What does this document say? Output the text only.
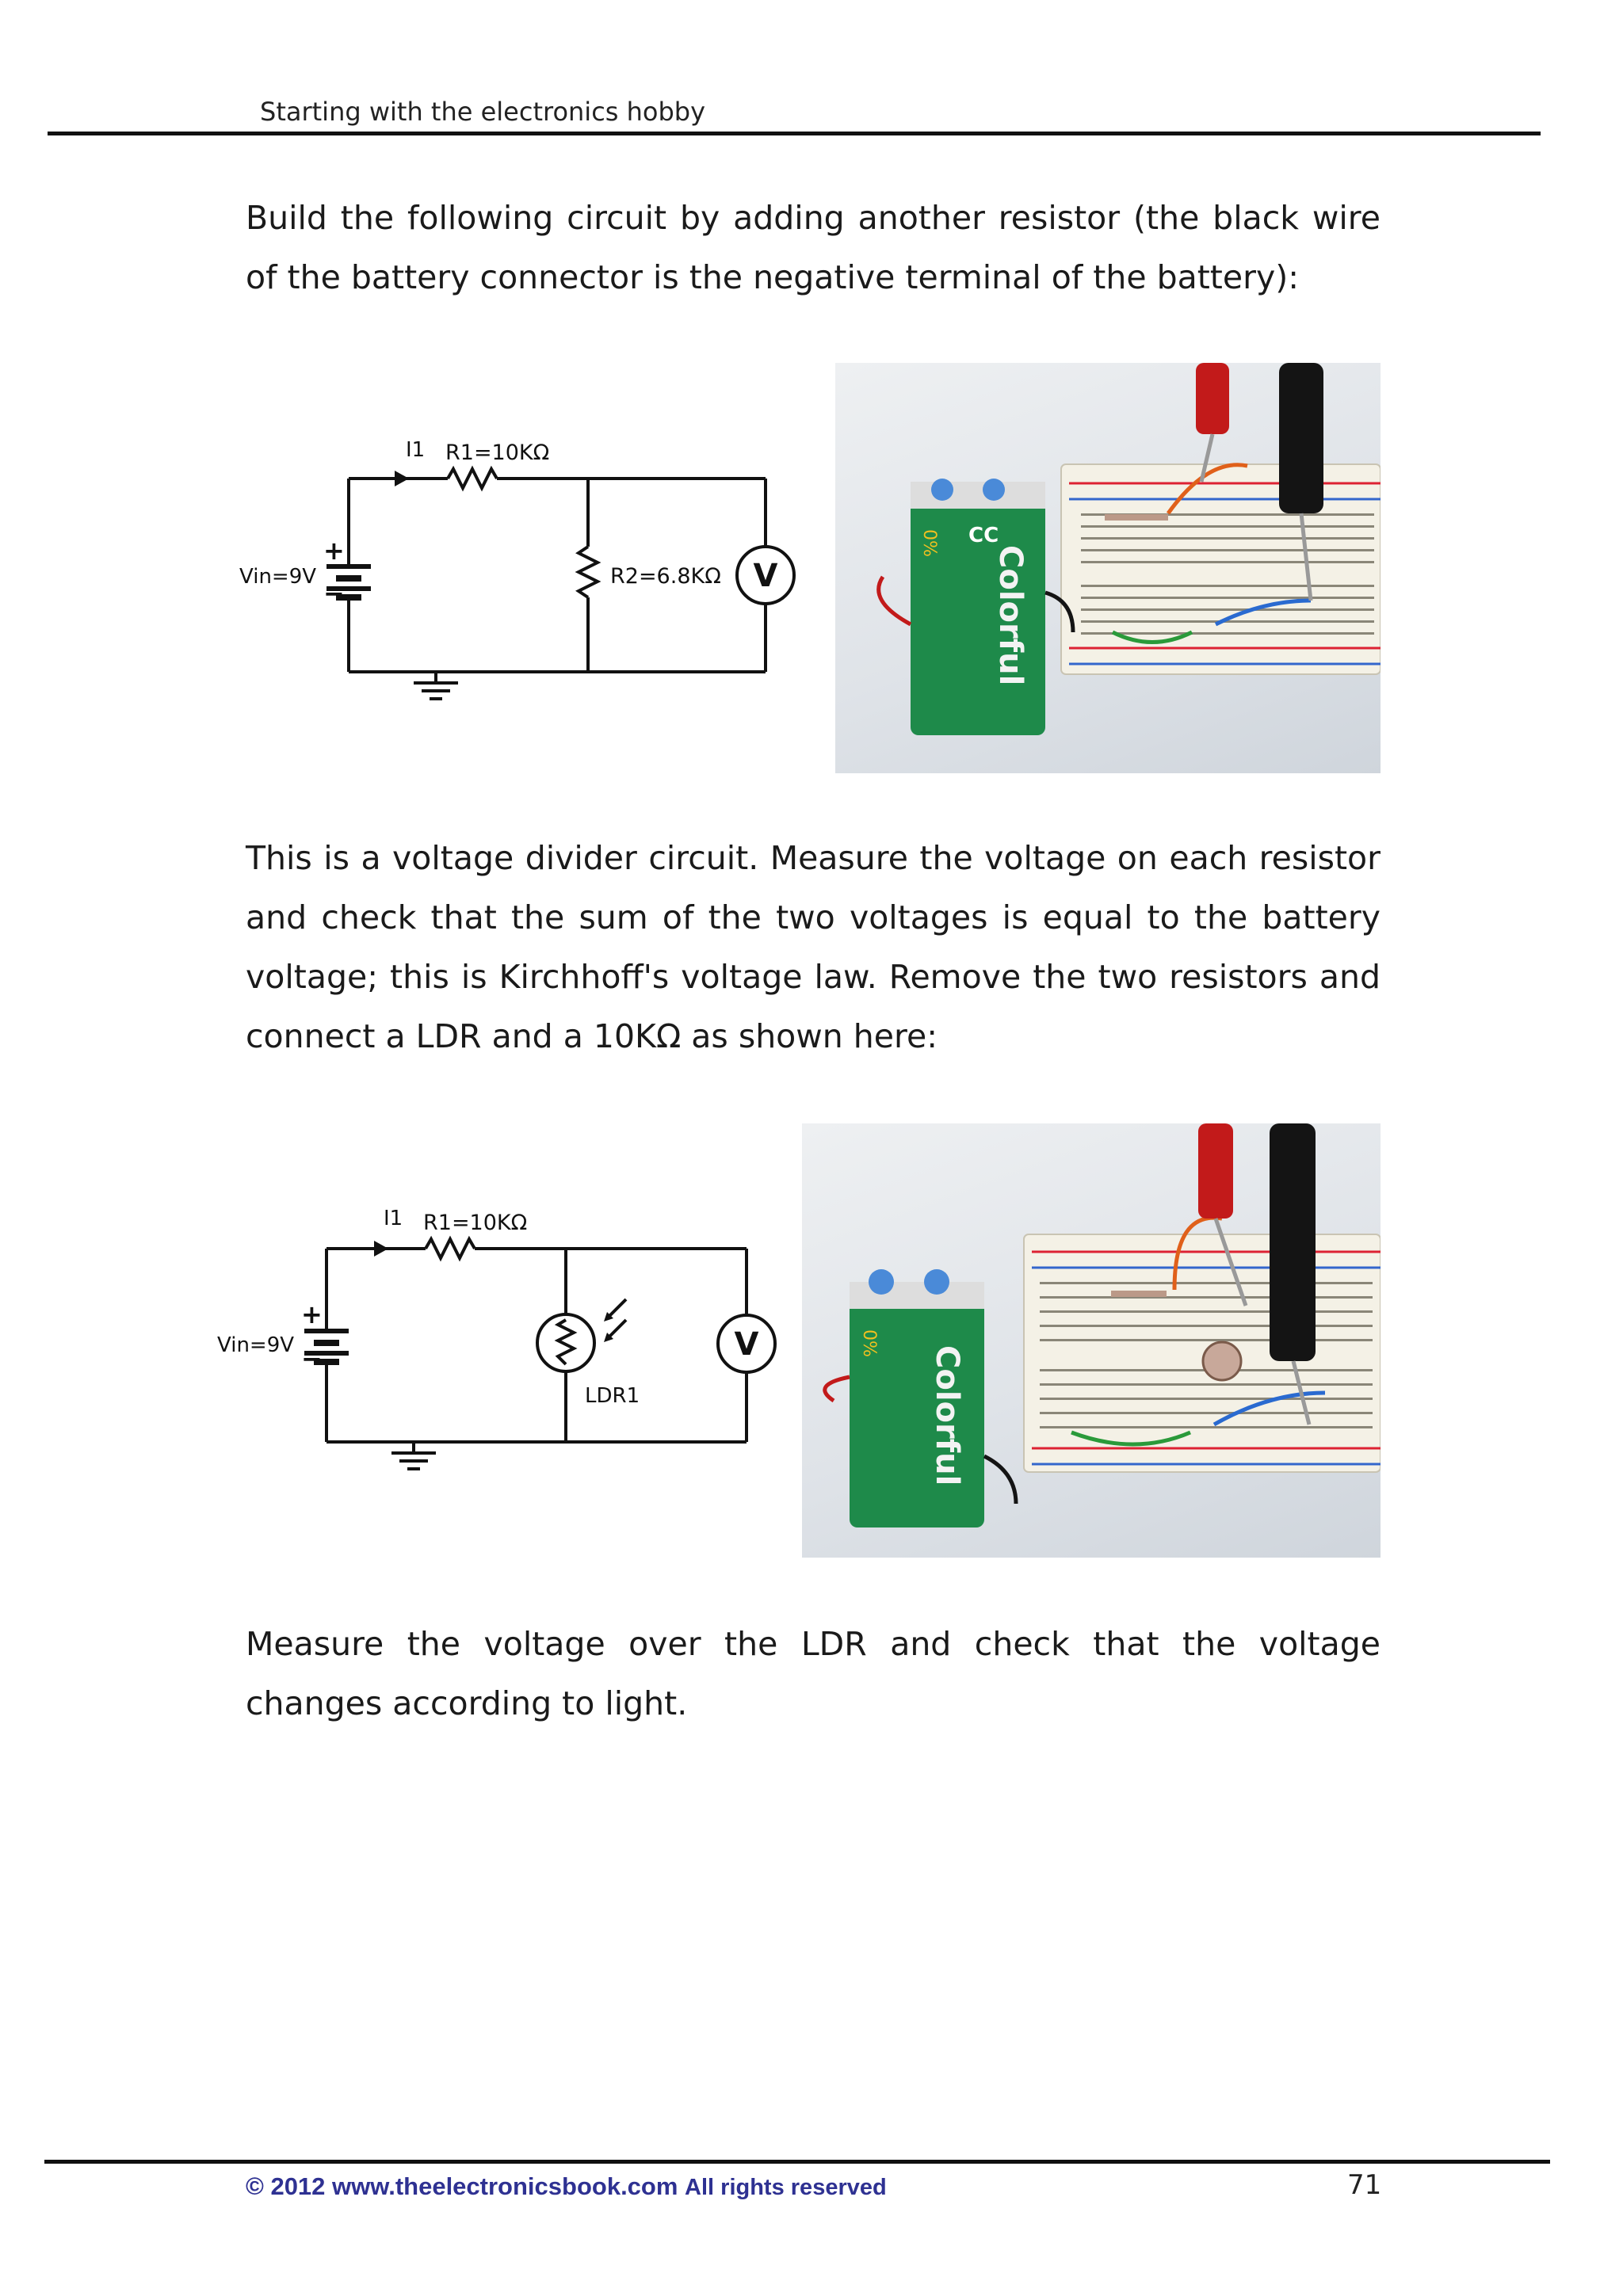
Starting with the electronics hobby

Build the following circuit by adding another resistor (the black wire of the battery connector is the negative terminal of the battery):

+
−
I1 R1=10KΩ
R2=6.8KΩ
Vin=9V	V	Colorful
CC
0%

This is a voltage divider circuit. Measure the voltage on each resistor and check that the sum of the two voltages is equal to the battery voltage; this is Kirchhoff's voltage law. Remove the two resistors and connect a LDR and a 10KΩ as shown here:

+
−
I1 R1=10KΩ
LDR1
Vin=9V	V
Colorful
0%

Measure the voltage over the LDR and check that the voltage changes according to light.

© 2012 www.theelectronicsbook.com All rights reserved	71
